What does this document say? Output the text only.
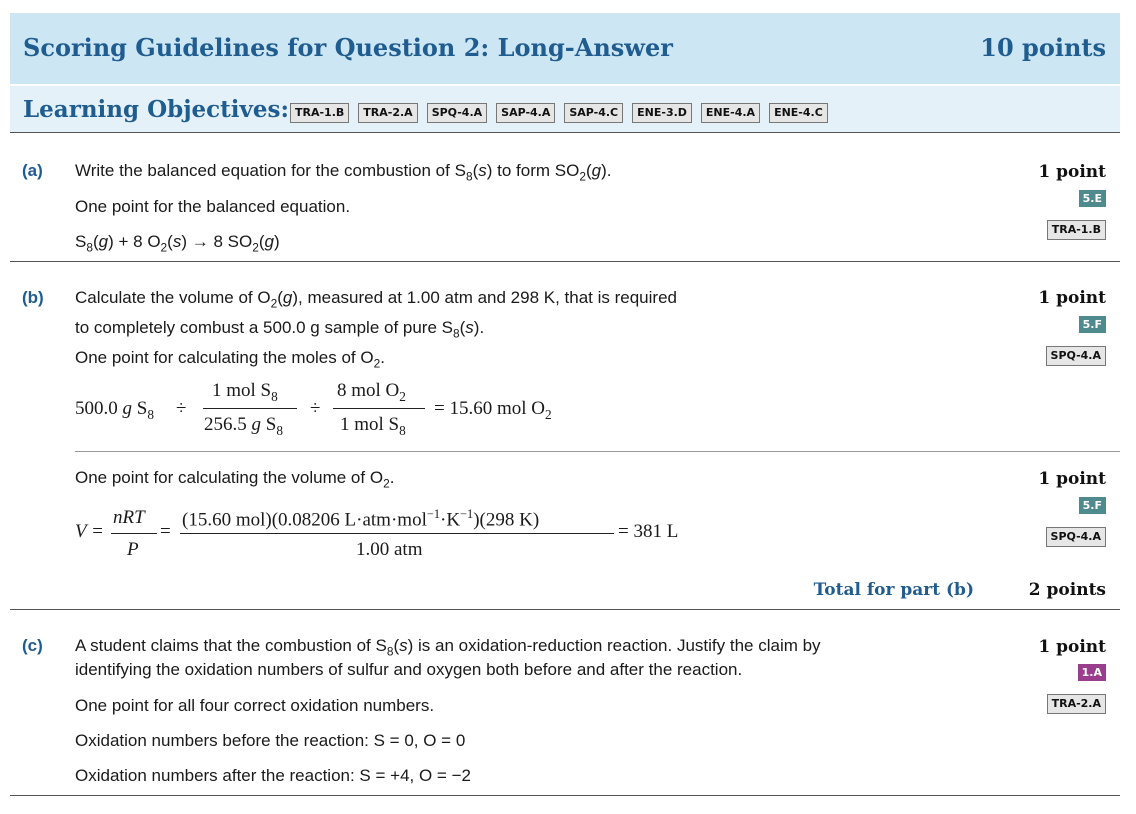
Scoring Guidelines for Question 2: Long-Answer	10 points
Learning Objectives: TRA-1.B	TRA-2.A	SPQ-4.A	SAP-4.A	SAP-4.C	ENE-3.D	ENE-4.A	ENE-4.C
(a) Write the balanced equation for the combustion of $S_8(s)$ to form $SO_2(g)$.
One point for the balanced equation.
$S_8(g) + 8$ $O_2(s) \to 8$ $SO_2(g)$
1 point
5.E
TRA-1.B
(b) Calculate the volume of $O_2(g)$, measured at 1.00 atm and 298 K, that is required
to completely combust a 500.0 g sample of pure $S_8(s)$.
One point for calculating the moles of $O_2$.
1 point
5.F
SPQ-4.A
500.0 g $S_8$ ÷
1 mol $S_8$
256.5 g $S_8$
÷
8 mol $O_2$
1 mol $S_8$
= 15.60 mol $O_2$
One point for calculating the volume of $O_2$.	1 point
5.F
SPQ-4.A
V =
nRT
P
=
(15.60 mol)(0.08206 $L\cdot atm\cdot mol^{-1}\cdot K^{-1})(298$ K)
1.00 atm
= 381 L
Total for part (b)	2 points
(c) A student claims that the combustion of $S_8(s)$ is an oxidation-reduction reaction. Justify the claim by
identifying the oxidation numbers of sulfur and oxygen both before and after the reaction.
One point for all four correct oxidation numbers.
Oxidation numbers before the reaction: S = 0, O = 0
Oxidation numbers after the reaction: S = +4, O = −2
1 point
1.A
TRA-2.A
